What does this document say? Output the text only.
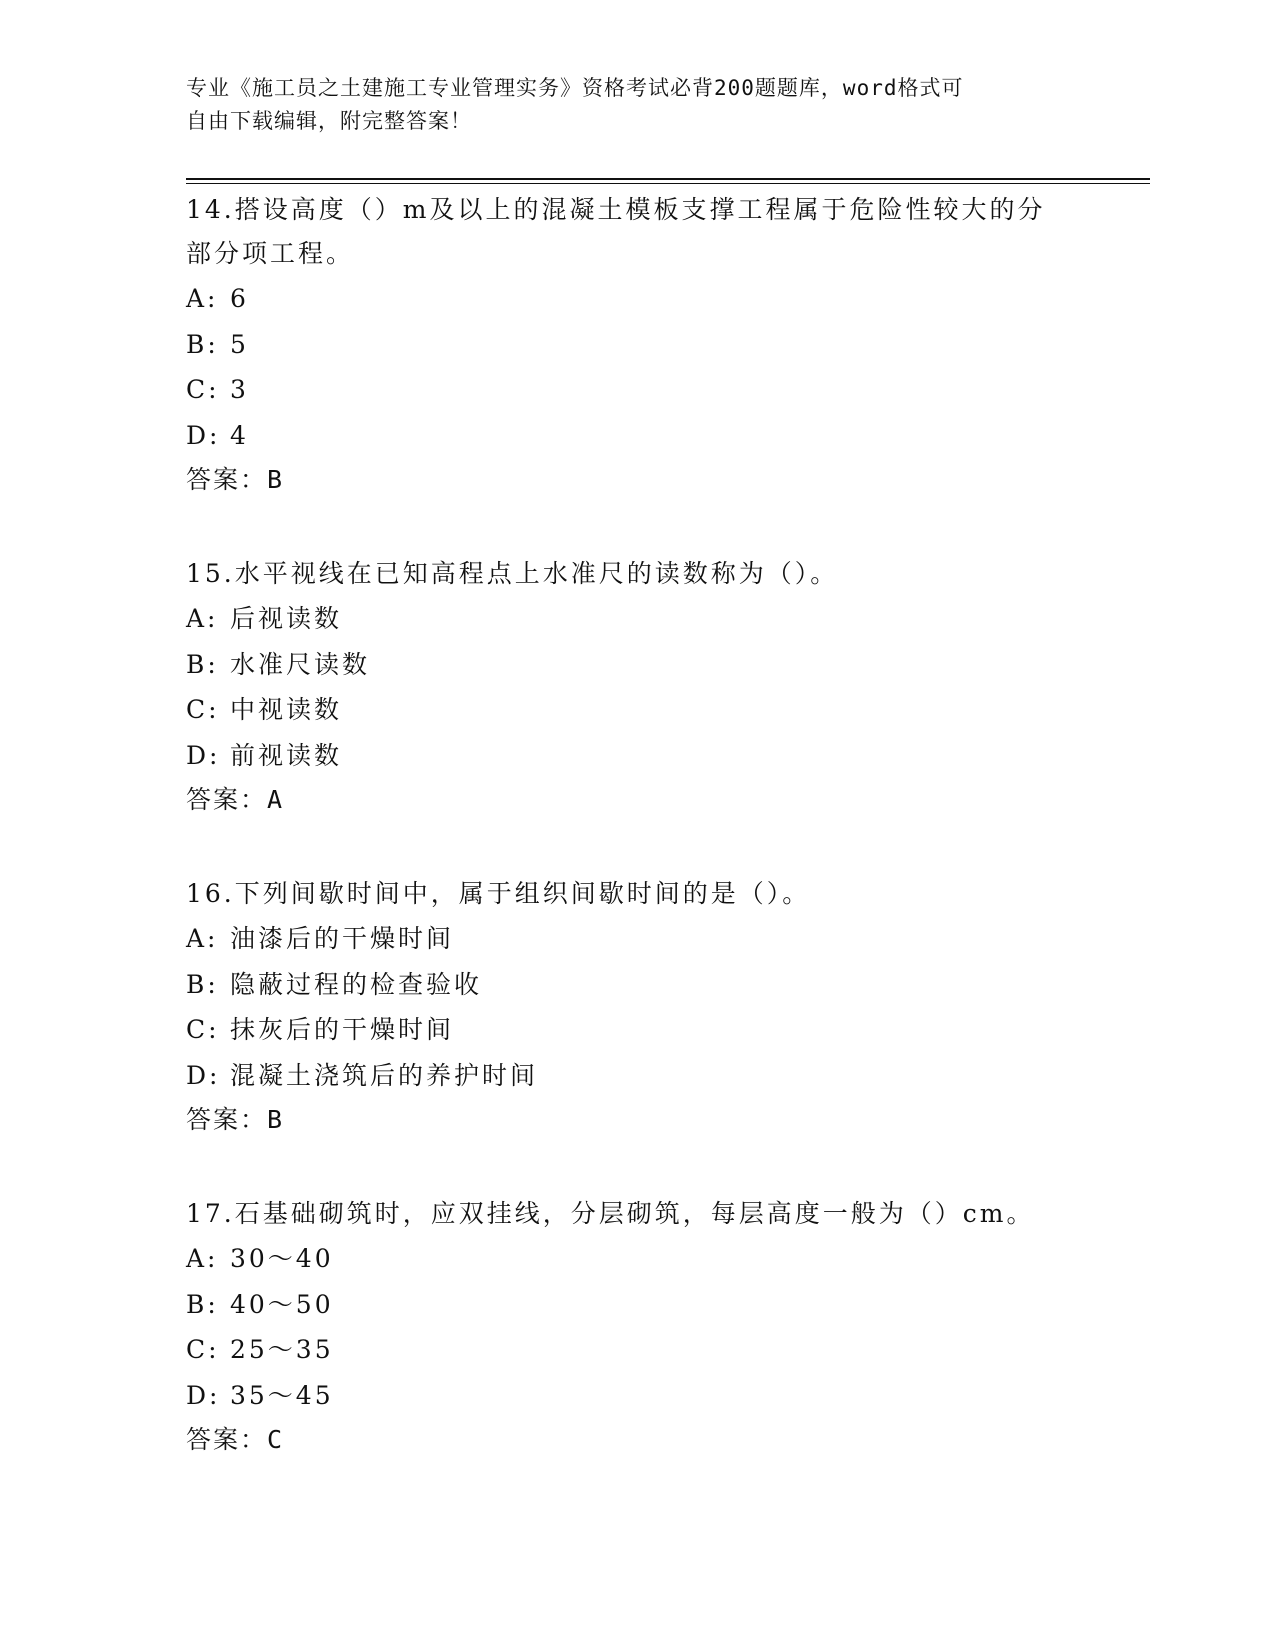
专业《施工员之土建施工专业管理实务》资格考试必背200题题库，word格式可
自由下载编辑，附完整答案！

14.搭设高度（）m及以上的混凝土模板支撑工程属于危险性较大的分

部分项工程。

A: 6

B: 5

C: 3

D: 4

答案：B

15.水平视线在已知高程点上水准尺的读数称为（）。

A: 后视读数

B: 水准尺读数

C: 中视读数

D: 前视读数

答案：A

16.下列间歇时间中，属于组织间歇时间的是（）。

A: 油漆后的干燥时间

B: 隐蔽过程的检查验收

C: 抹灰后的干燥时间

D: 混凝土浇筑后的养护时间

答案：B

17.石基础砌筑时，应双挂线，分层砌筑，每层高度一般为（）cm。

A: 30～40

B: 40～50

C: 25～35

D: 35～45

答案：C
